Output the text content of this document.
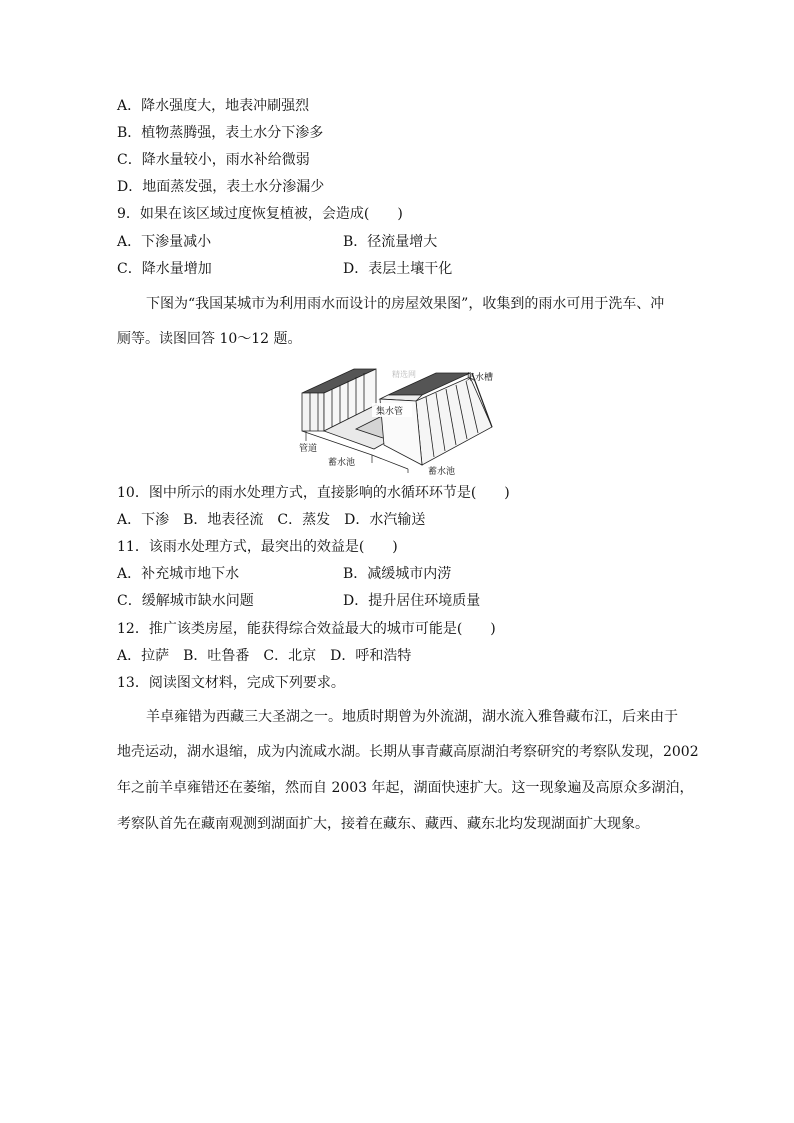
A．降水强度大，地表冲刷强烈
B．植物蒸腾强，表土水分下渗多
C．降水量较小，雨水补给微弱
D．地面蒸发强，表土水分渗漏少
9．如果在该区域过度恢复植被，会造成(　　)
A．下渗量减小	B．径流量增大
C．降水量增加	D．表层土壤干化
下图为“我国某城市为利用雨水而设计的房屋效果图”，收集到的雨水可用于洗车、冲
厕等。读图回答 10～12 题。
集水槽
管道
集水管
蓄水池
蓄水池
精选网
10．图中所示的雨水处理方式，直接影响的水循环环节是(　　)
A．下渗　B．地表径流　C．蒸发　D．水汽输送
11．该雨水处理方式，最突出的效益是(　　)
A．补充城市地下水	B．减缓城市内涝
C．缓解城市缺水问题	D．提升居住环境质量
12．推广该类房屋，能获得综合效益最大的城市可能是(　　)
A．拉萨　B．吐鲁番　C．北京　D．呼和浩特
13．阅读图文材料，完成下列要求。
羊卓雍错为西藏三大圣湖之一。地质时期曾为外流湖，湖水流入雅鲁藏布江，后来由于
地壳运动，湖水退缩，成为内流咸水湖。长期从事青藏高原湖泊考察研究的考察队发现，2002
年之前羊卓雍错还在萎缩，然而自 2003 年起，湖面快速扩大。这一现象遍及高原众多湖泊，
考察队首先在藏南观测到湖面扩大，接着在藏东、藏西、藏东北均发现湖面扩大现象。
